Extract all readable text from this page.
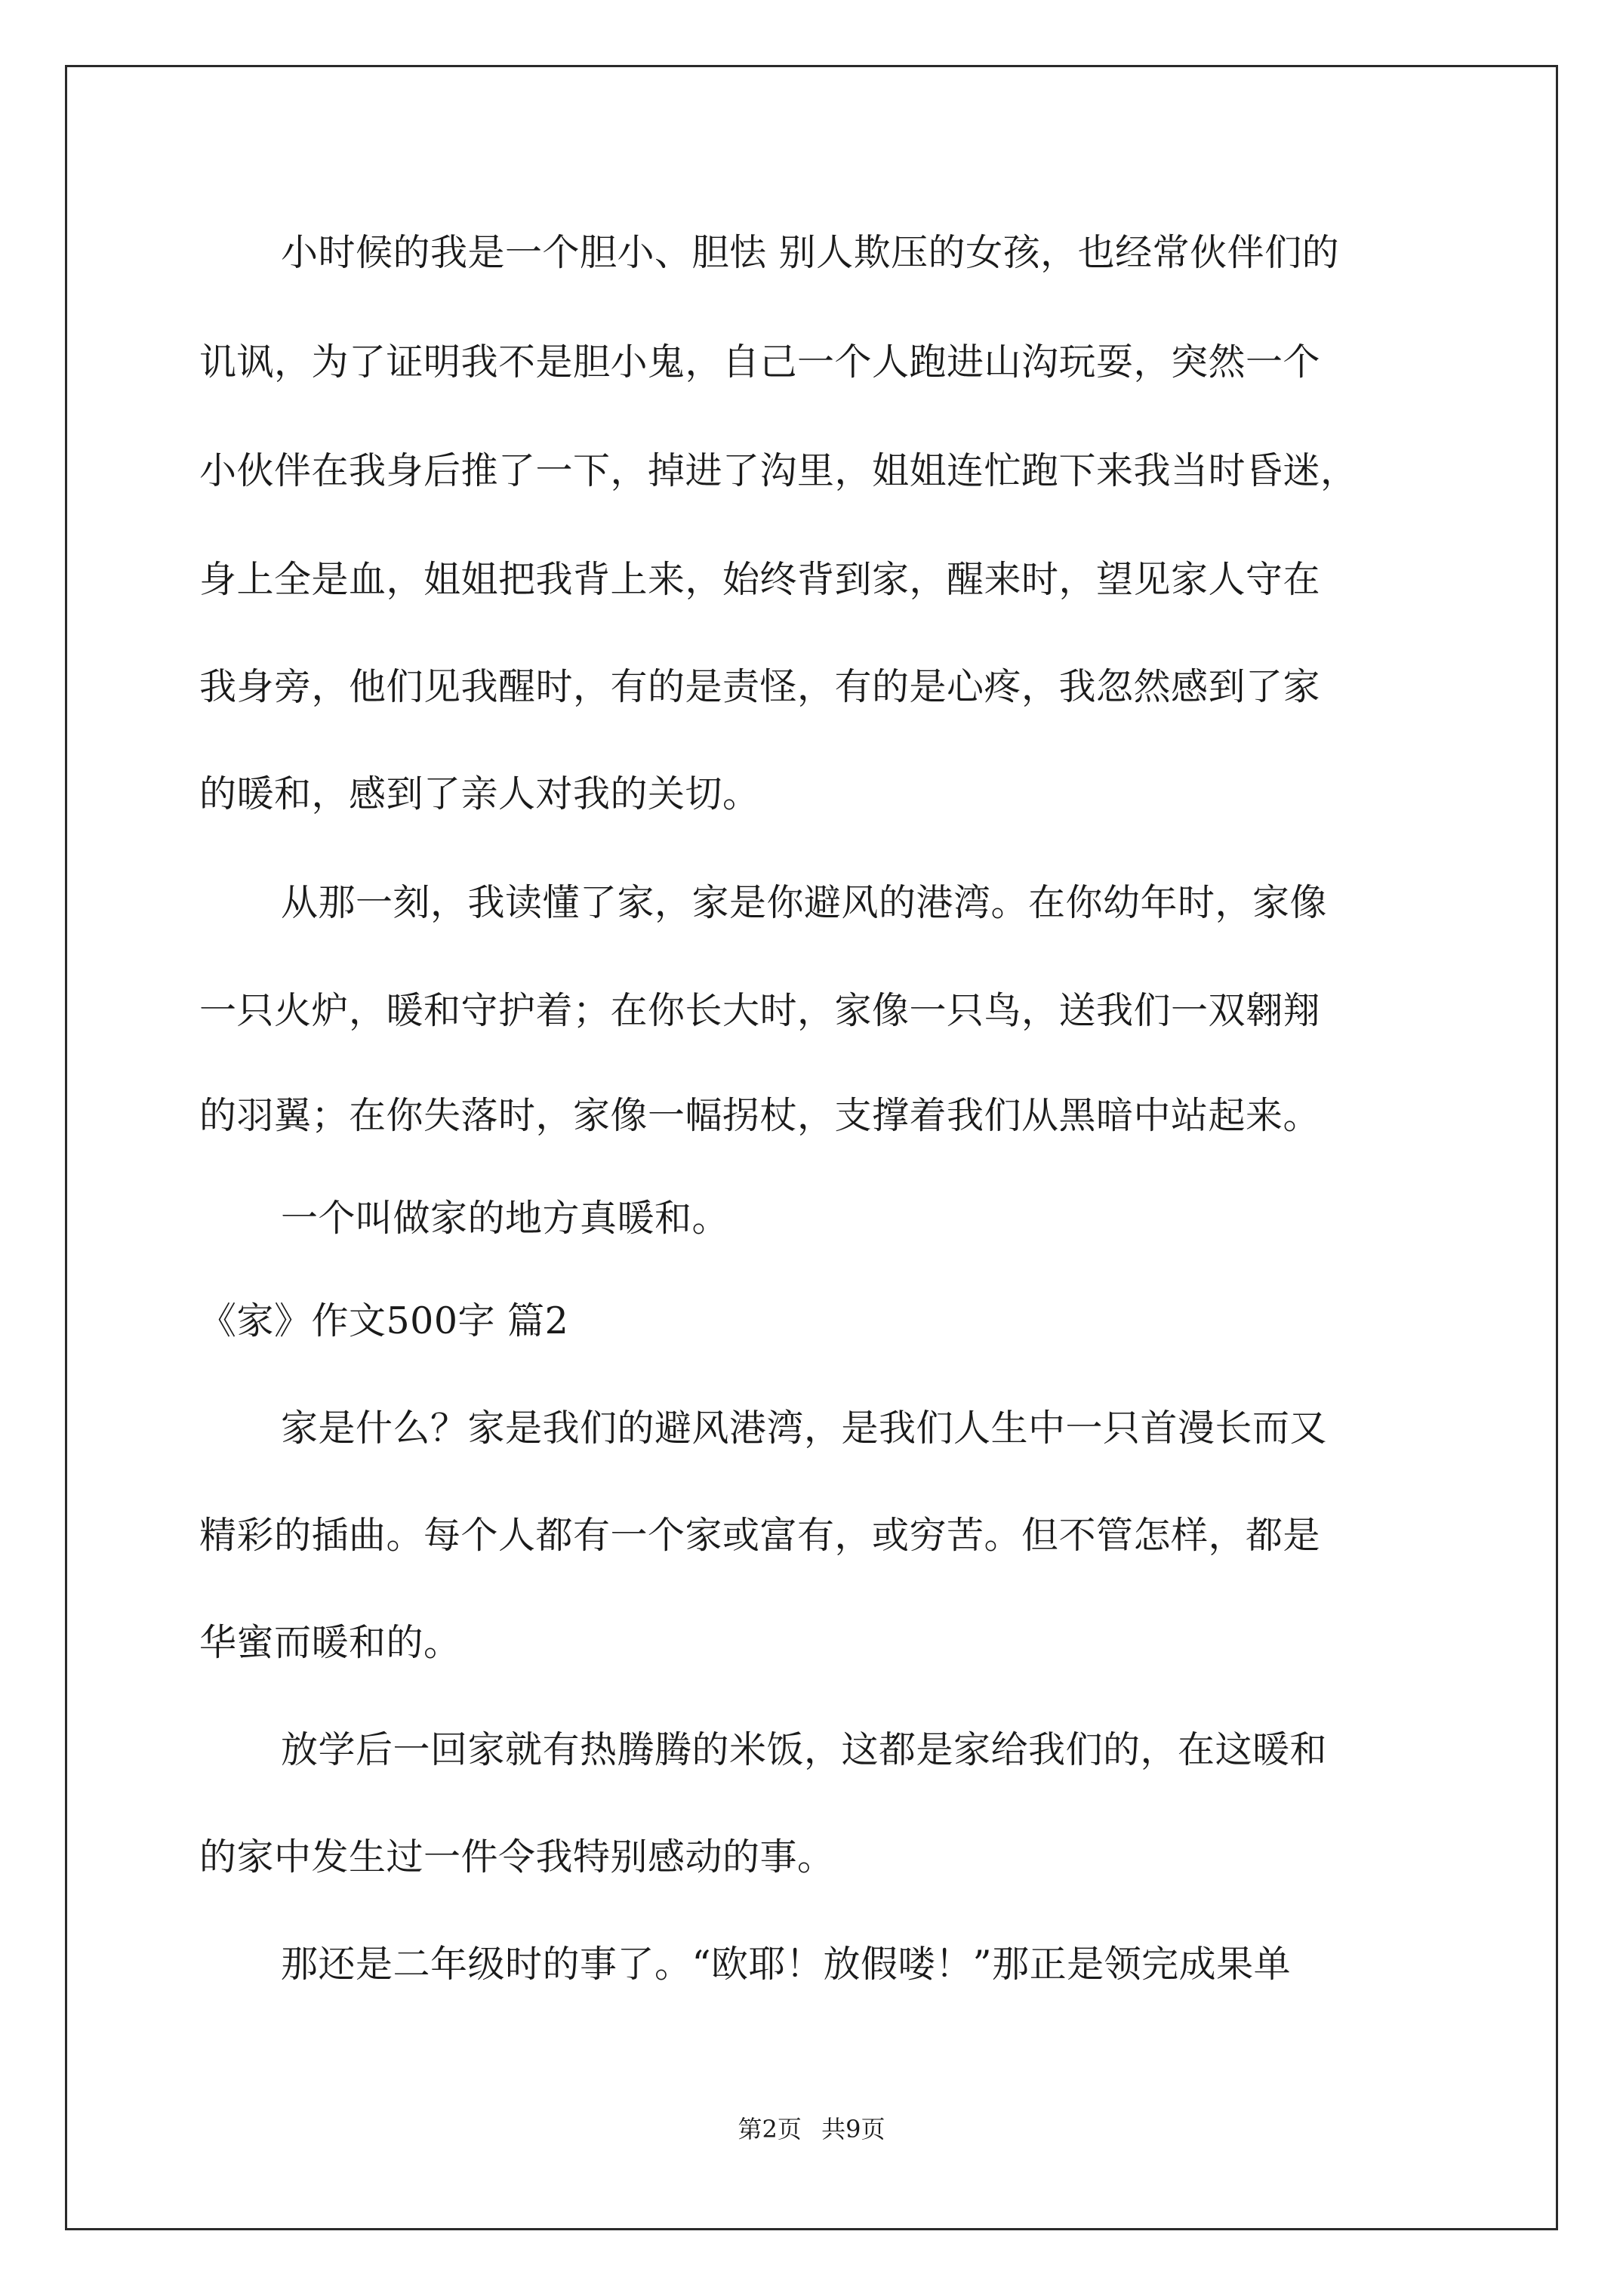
小时候的我是一个胆小、胆怯 别人欺压的女孩，也经常伙伴们的
讥讽，为了证明我不是胆小鬼，自己一个人跑进山沟玩耍，突然一个
小伙伴在我身后推了一下，掉进了沟里，姐姐连忙跑下来我当时昏迷，
身上全是血，姐姐把我背上来，始终背到家，醒来时，望见家人守在
我身旁，他们见我醒时，有的是责怪，有的是心疼，我忽然感到了家
的暖和，感到了亲人对我的关切。
从那一刻，我读懂了家，家是你避风的港湾。在你幼年时，家像
一只火炉，暖和守护着；在你长大时，家像一只鸟，送我们一双翱翔
的羽翼；在你失落时，家像一幅拐杖，支撑着我们从黑暗中站起来。
一个叫做家的地方真暖和。
《家》作文500字 篇2
家是什么？家是我们的避风港湾，是我们人生中一只首漫长而又
精彩的插曲。每个人都有一个家或富有，或穷苦。但不管怎样，都是
华蜜而暖和的。
放学后一回家就有热腾腾的米饭，这都是家给我们的，在这暖和
的家中发生过一件令我特别感动的事。
那还是二年级时的事了。“欧耶！放假喽！”那正是领完成果单
第2页 共9页
